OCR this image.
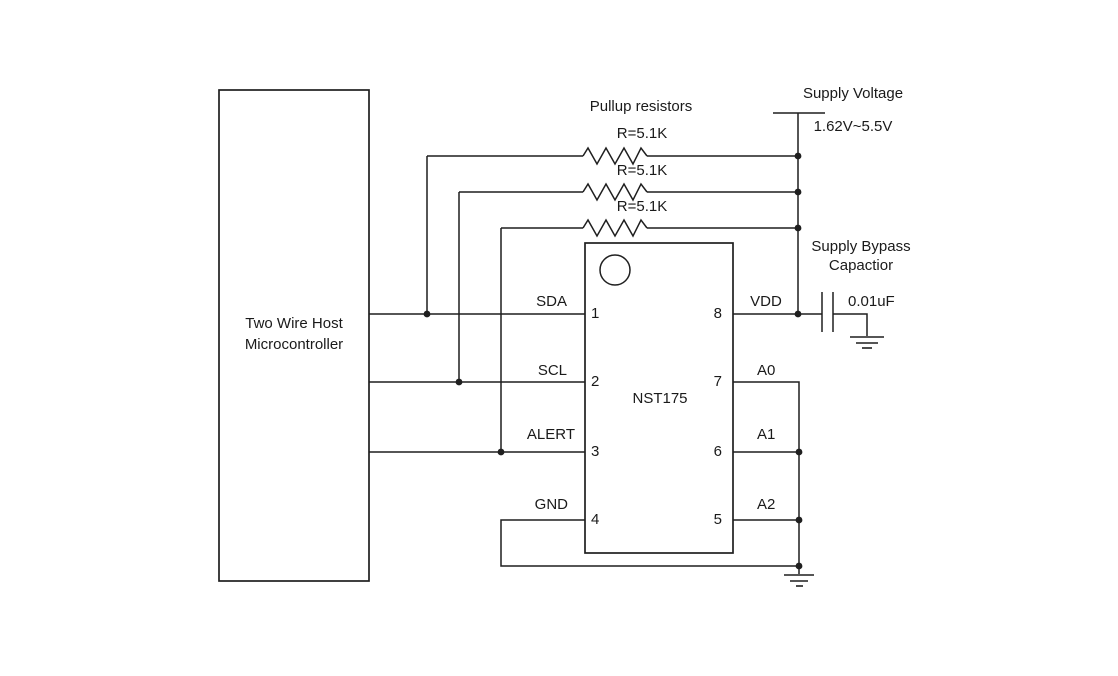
Pullup resistors
R=5.1K
R=5.1K
R=5.1K
Supply Voltage
1.62V~5.5V
Supply Bypass
Capactior
0.01uF
Two Wire Host
Microcontroller
NST175
SDA
SCL
ALERT
GND
VDD
A0
A1
A2
1
2
3
4
8
7
6
5
